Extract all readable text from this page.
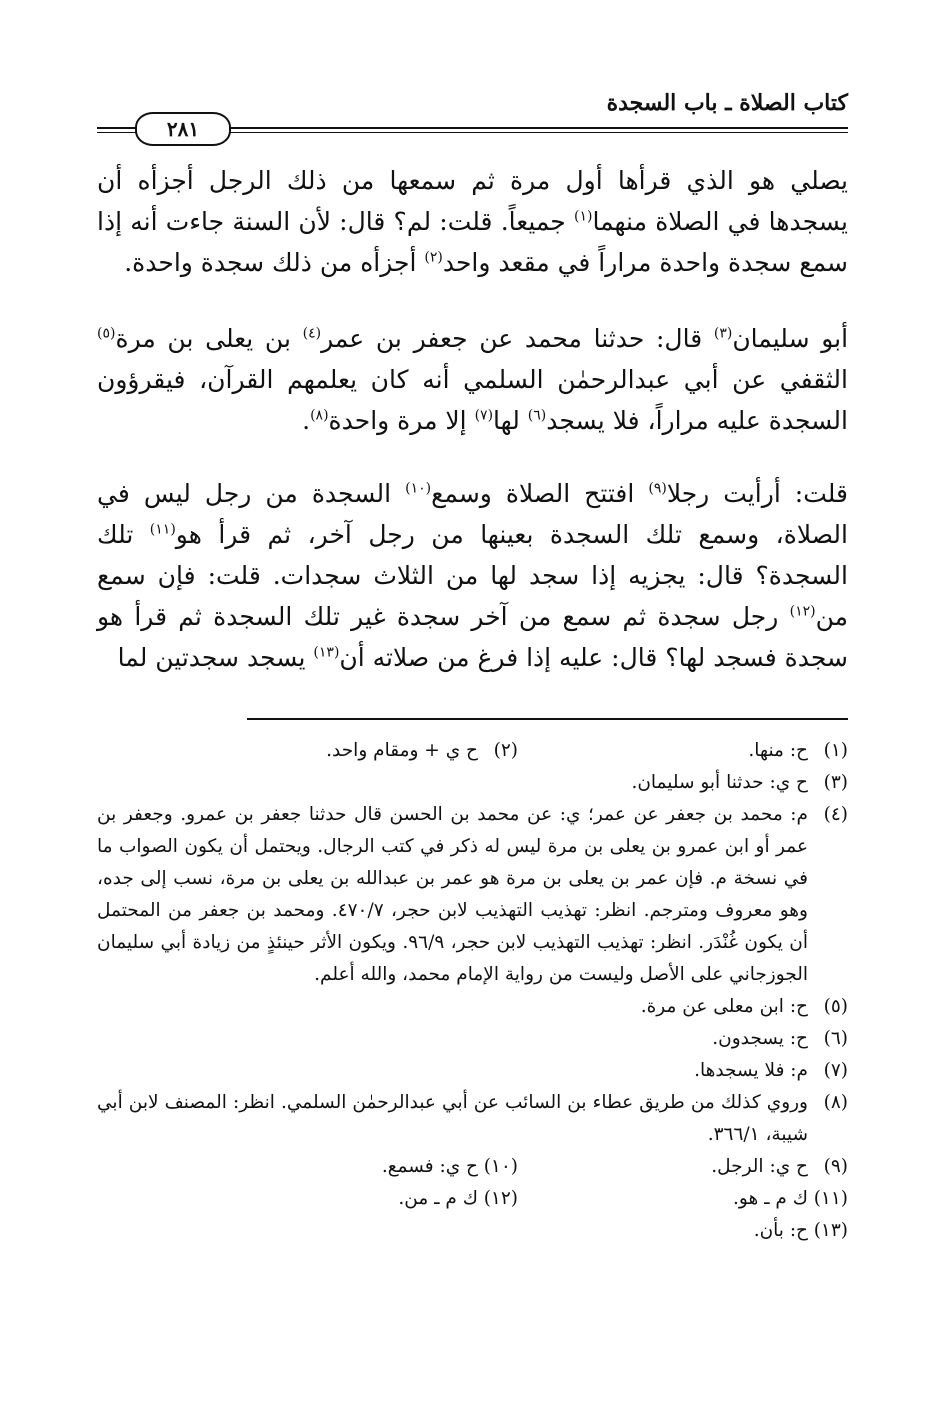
كتاب الصلاة ـ باب السجدة
٢٨١

يصلي هو الذي قرأها أول مرة ثم سمعها من ذلك الرجل أجزأه أن يسجدها في الصلاة منهما$^{(١)}$ جميعاً. قلت: لم؟ قال: لأن السنة جاءت أنه إذا سمع سجدة واحدة مراراً في مقعد واحد$^{(٢)}$ أجزأه من ذلك سجدة واحدة.

أبو سليمان$^{(٣)}$ قال: حدثنا محمد عن جعفر بن عمر$^{(٤)}$ بن يعلى بن مرة$^{(٥)}$ الثقفي عن أبي عبدالرحمٰن السلمي أنه كان يعلمهم القرآن، فيقرؤون السجدة عليه مراراً، فلا يسجد$^{(٦)}$ لها$^{(٧)}$ إلا مرة واحدة$^{(٨)}$.

قلت: أرأيت رجلا$^{(٩)}$ افتتح الصلاة وسمع$^{(١٠)}$ السجدة من رجل ليس في الصلاة، وسمع تلك السجدة بعينها من رجل آخر، ثم قرأ هو$^{(١١)}$ تلك السجدة؟ قال: يجزيه إذا سجد لها من الثلاث سجدات. قلت: فإن سمع من$^{(١٢)}$ رجل سجدة ثم سمع من آخر سجدة غير تلك السجدة ثم قرأ هو سجدة فسجد لها؟ قال: عليه إذا فرغ من صلاته أن$^{(١٣)}$ يسجد سجدتين لما

(١)
ح: منها.
(٢)
ح ي + ومقام واحد.
(٣)
ح ي: حدثنا أبو سليمان.
(٤)
م: محمد بن جعفر عن عمر؛ ي: عن محمد بن الحسن قال حدثنا جعفر بن عمرو. وجعفر بن عمر أو ابن عمرو بن يعلى بن مرة ليس له ذكر في كتب الرجال. ويحتمل أن يكون الصواب ما في نسخة م. فإن عمر بن يعلى بن مرة هو عمر بن عبدالله بن يعلى بن مرة، نسب إلى جده، وهو معروف ومترجم. انظر: تهذيب التهذيب لابن حجر، ٤٧٠/٧. ومحمد بن جعفر من المحتمل أن يكون غُنْدَر. انظر: تهذيب التهذيب لابن حجر، ٩٦/٩. ويكون الأثر حينئذٍ من زيادة أبي سليمان الجوزجاني على الأصل وليست من رواية الإمام محمد، والله أعلم.
(٥)
ح: ابن معلى عن مرة.
(٦)
ح: يسجدون.
(٧)
م: فلا يسجدها.
(٨)
وروي كذلك من طريق عطاء بن السائب عن أبي عبدالرحمٰن السلمي. انظر: المصنف لابن أبي شيبة، ٣٦٦/١.
(٩)
ح ي: الرجل.
(١٠)
ح ي: فسمع.
(١١)
ك م ـ هو.
(١٢)
ك م ـ من.
(١٣)
ح: بأن.
